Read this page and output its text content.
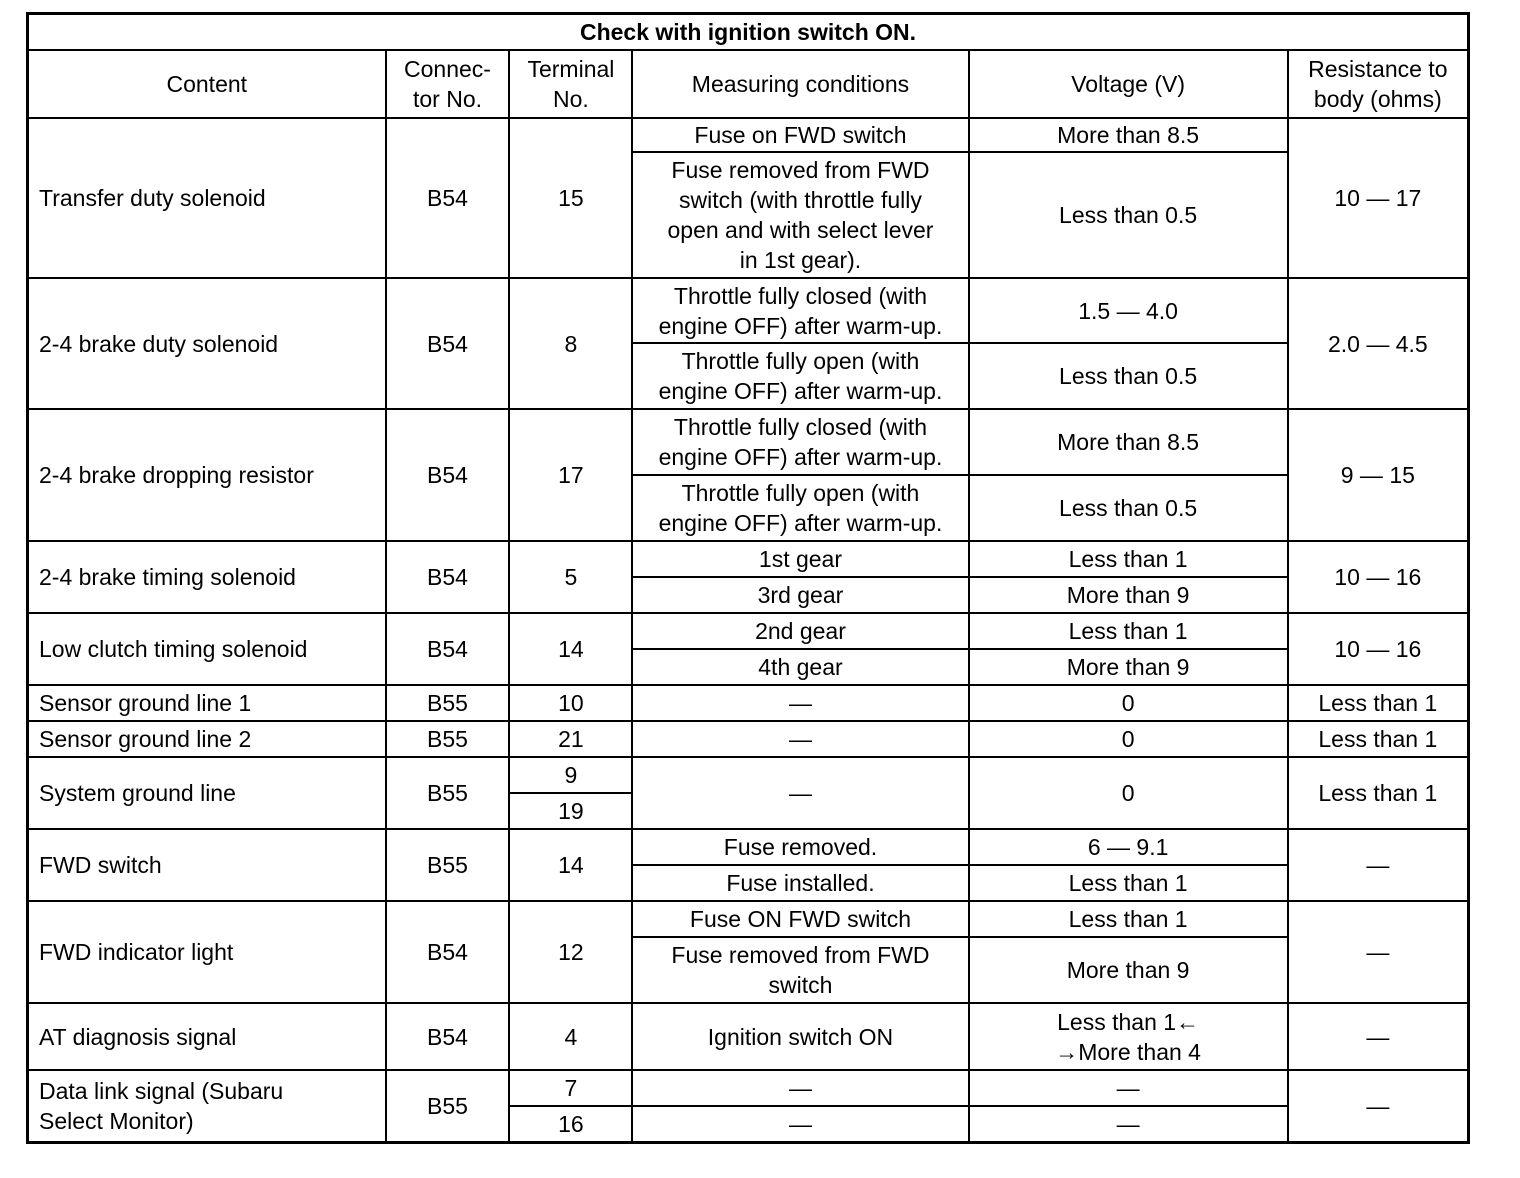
Check with ignition switch ON.					
Content	Connec-
tor No.	Terminal
No.	Measuring conditions	Voltage (V)	Resistance to
body (ohms)
Transfer duty solenoid	B54	15	Fuse on FWD switch	More than 8.5	10 — 17
			Fuse removed from FWD
switch (with throttle fully
open and with select lever
in 1st gear).	Less than 0.5	
2-4 brake duty solenoid	B54	8	Throttle fully closed (with
engine OFF) after warm-up.	1.5 — 4.0	2.0 — 4.5
			Throttle fully open (with
engine OFF) after warm-up.	Less than 0.5	
2-4 brake dropping resistor	B54	17	Throttle fully closed (with
engine OFF) after warm-up.	More than 8.5	9 — 15
			Throttle fully open (with
engine OFF) after warm-up.	Less than 0.5	
2-4 brake timing solenoid	B54	5	1st gear	Less than 1	10 — 16
			3rd gear	More than 9	
Low clutch timing solenoid	B54	14	2nd gear	Less than 1	10 — 16
			4th gear	More than 9	
Sensor ground line 1	B55	10	—	0	Less than 1
Sensor ground line 2	B55	21	—	0	Less than 1
System ground line	B55	9	—	0	Less than 1
		19			
FWD switch	B55	14	Fuse removed.	6 — 9.1	—
			Fuse installed.	Less than 1	
FWD indicator light	B54	12	Fuse ON FWD switch	Less than 1	—
			Fuse removed from FWD
switch	More than 9	
AT diagnosis signal	B54	4	Ignition switch ON	Less than 1←
→More than 4	—
Data link signal (Subaru
Select Monitor)	B55	7	—	—	—
		16	—	—	
